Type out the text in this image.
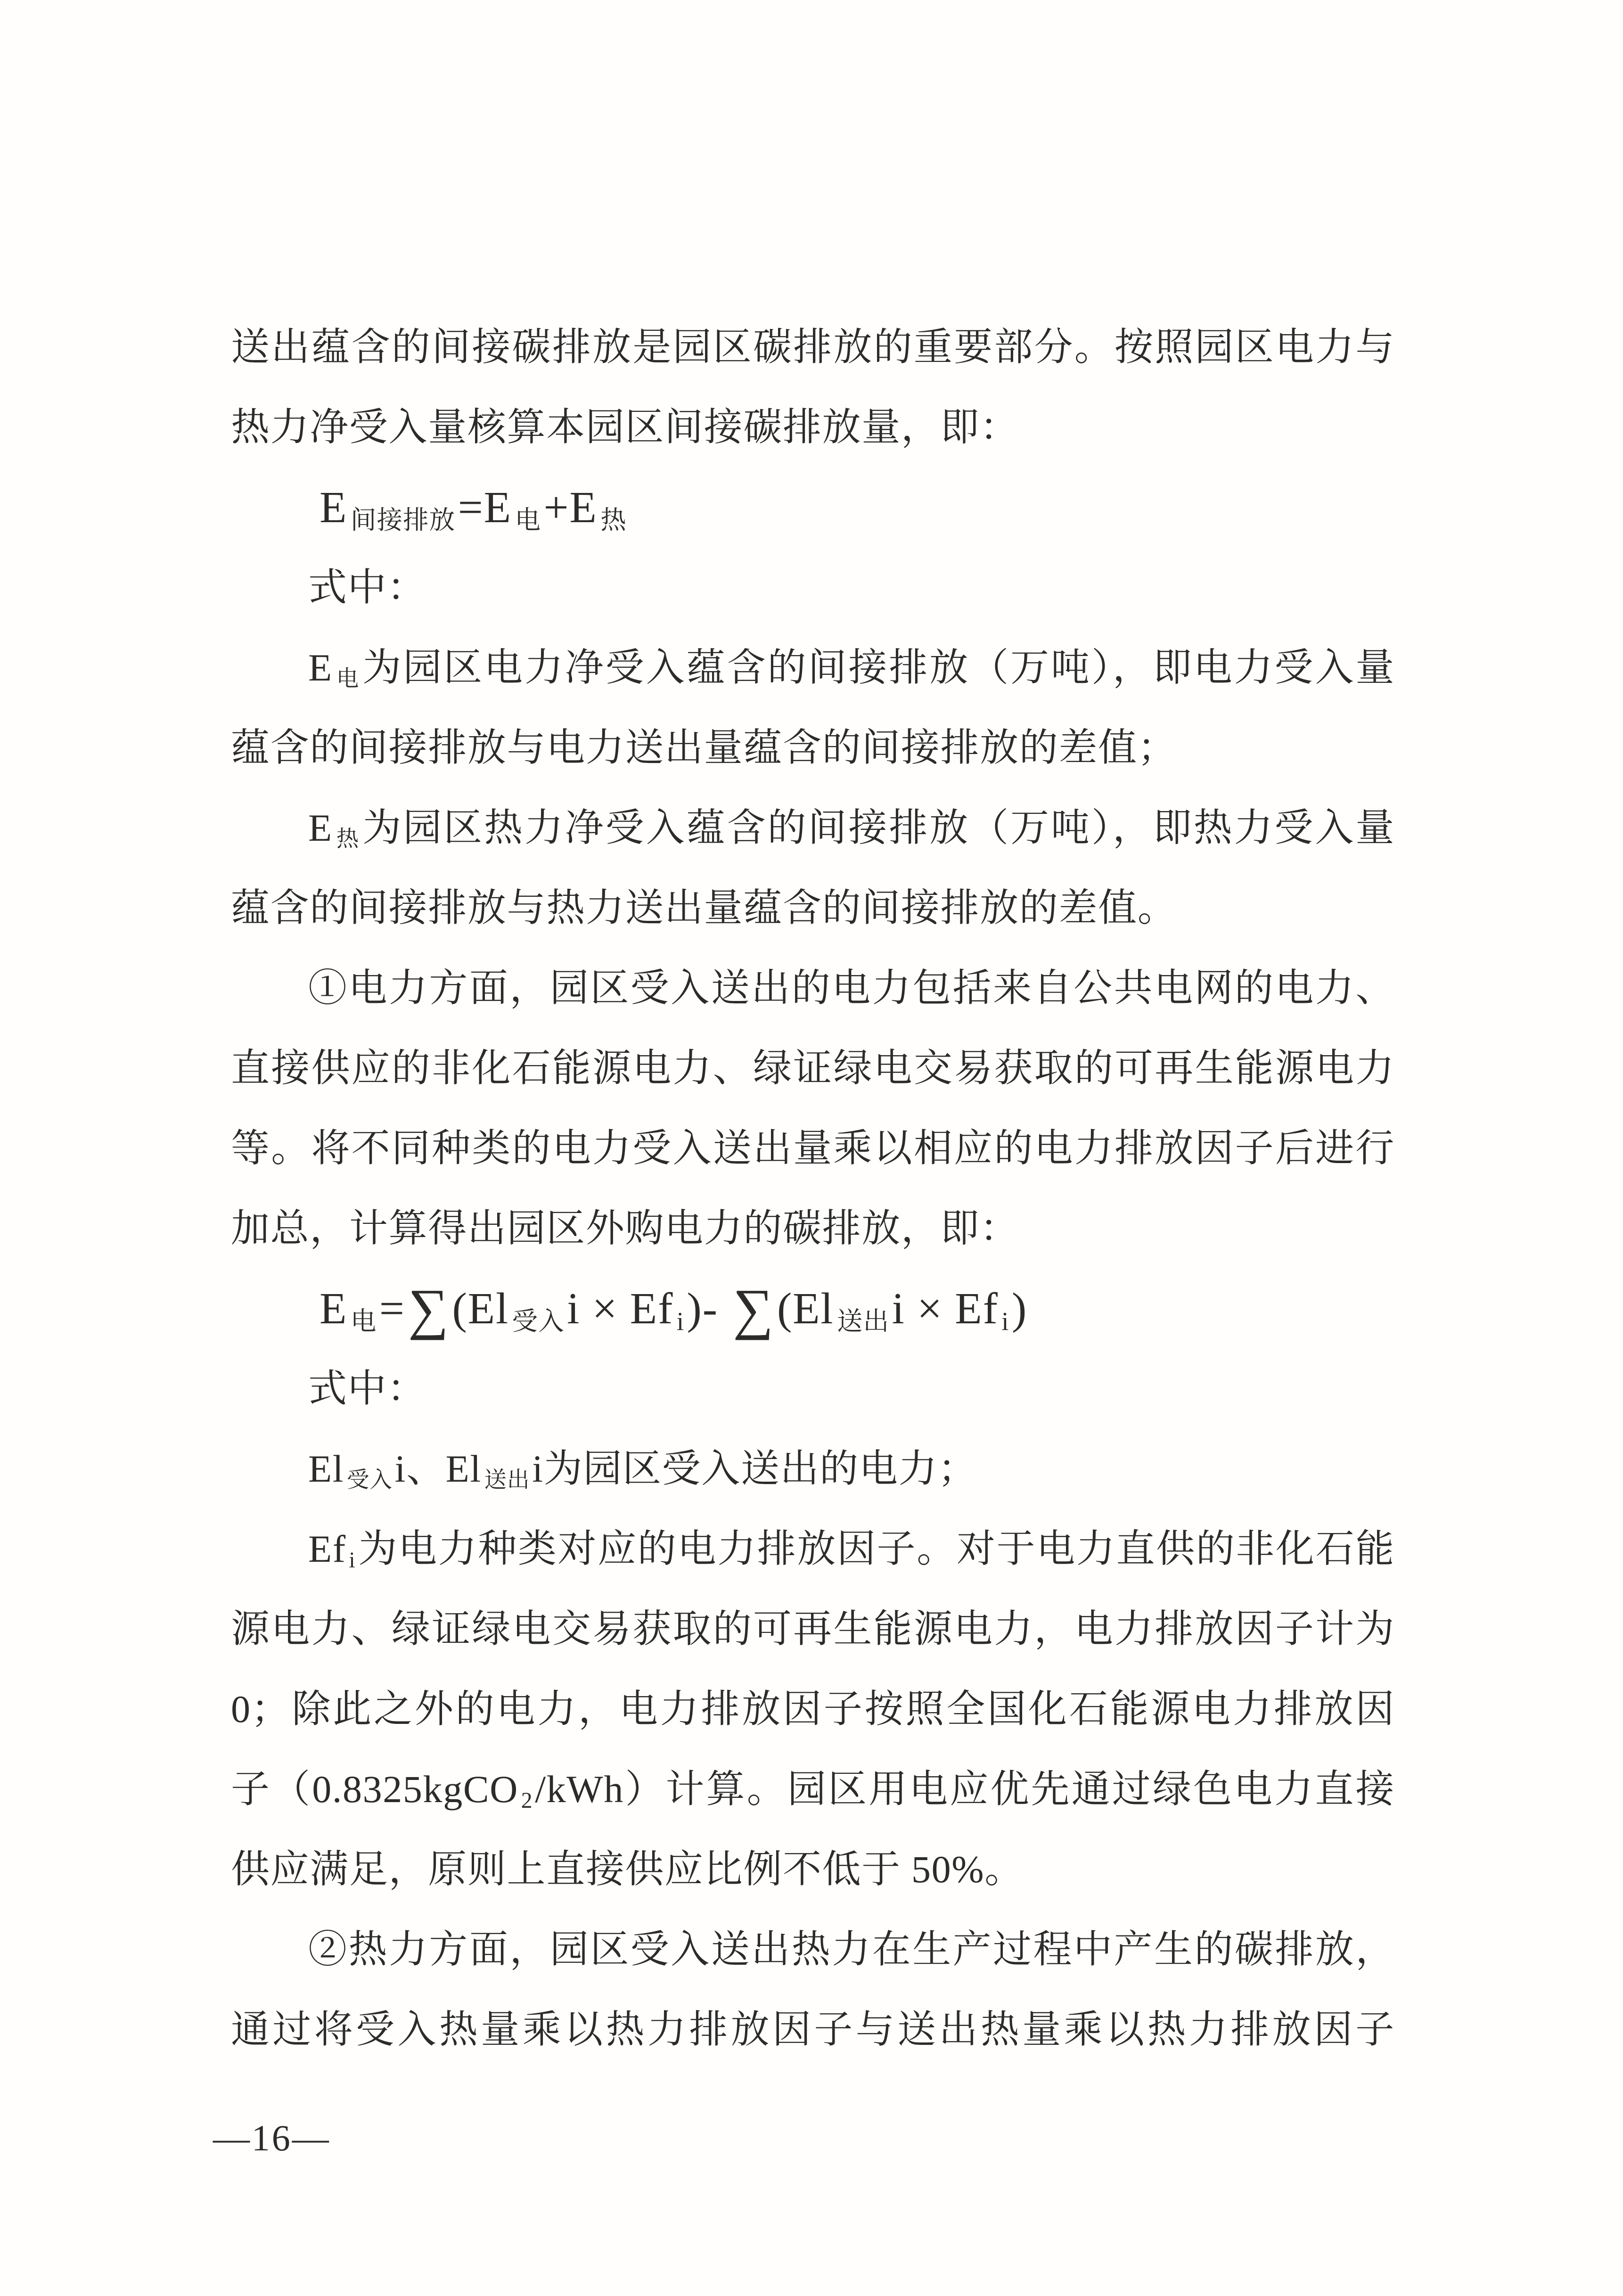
送出蕴含的间接碳排放是园区碳排放的重要部分。按照园区电力与
热力净受入量核算本园区间接碳排放量，即：
E间接排放=E 电+E 热
式中：
E电为园区电力净受入蕴含的间接排放（万吨），即电力受入量
蕴含的间接排放与电力送出量蕴含的间接排放的差值；
E热为园区热力净受入蕴含的间接排放（万吨），即热力受入量
蕴含的间接排放与热力送出量蕴含的间接排放的差值。
①电力方面，园区受入送出的电力包括来自公共电网的电力、
直接供应的非化石能源电力、绿证绿电交易获取的可再生能源电力
等。将不同种类的电力受入送出量乘以相应的电力排放因子后进行
加总，计算得出园区外购电力的碳排放，即：
E电=∑(El 受入i × Ef i)- ∑(El 送出i × Ef i)
式中：
El 受入i、El 送出i为园区受入送出的电力；
Ef i为电力种类对应的电力排放因子。对于电力直供的非化石能
源电力、绿证绿电交易获取的可再生能源电力，电力排放因子计为
0；除此之外的电力，电力排放因子按照全国化石能源电力排放因
子（0.8325kgCO 2/kWh）计算。园区用电应优先通过绿色电力直接
供应满足，原则上直接供应比例不低于 50%。
②热力方面，园区受入送出热力在生产过程中产生的碳排放，
通过将受入热量乘以热力排放因子与送出热量乘以热力排放因子
—16—
